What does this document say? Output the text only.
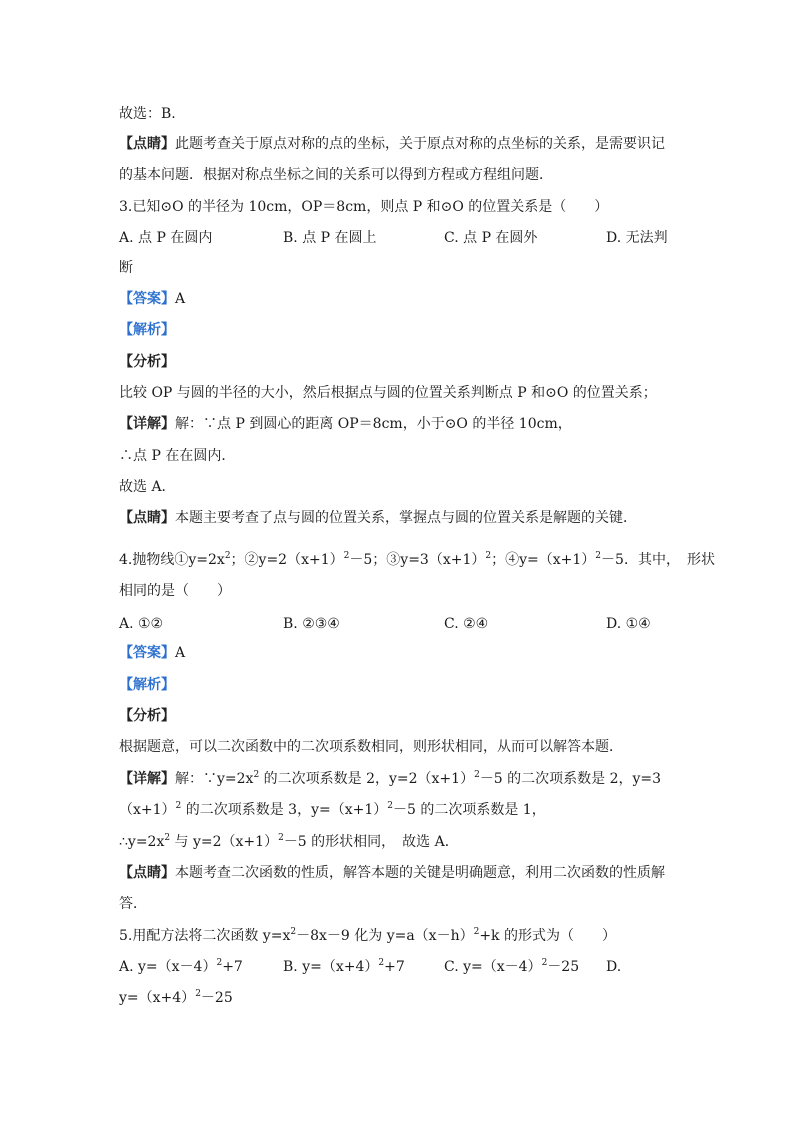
故选：B.
【点睛】此题考查关于原点对称的点的坐标，关于原点对称的点坐标的关系，是需要识记
的基本问题．根据对称点坐标之间的关系可以得到方程或方程组问题．
3.已知⊙O 的半径为 10cm，OP＝8cm，则点 P 和⊙O 的位置关系是（　　）
A. 点 P 在圆内	B. 点 P 在圆上	C. 点 P 在圆外	D. 无法判
断
【答案】A
【解析】
【分析】
比较 OP 与圆的半径的大小，然后根据点与圆的位置关系判断点 P 和⊙O 的位置关系；
【详解】解：∵点 P 到圆心的距离 OP＝8cm，小于⊙O 的半径 10cm，
∴点 P 在在圆内．
故选 A．
【点睛】本题主要考查了点与圆的位置关系，掌握点与圆的位置关系是解题的关键．
4.抛物线$①y=2x^2$；$②y=2(x+1)^2-5$；$③y=3(x+1)^2$；$④y=(x+1)^2-5$．其中，　形状
相同的是（　　）
A. ①②	B. ②③④	C. ②④	D. ①④
【答案】A
【解析】
【分析】
根据题意，可以二次函数中的二次项系数相同，则形状相同，从而可以解答本题．
【详解】解：$\because y=2x^2$ 的二次项系数是 2，$y=2(x+1)^2-5$ 的二次项系数是 2，y=3
$(x+1)^2$ 的二次项系数是 3，$y=(x+1)^2-5$ 的二次项系数是 1，
$\therefore y=2x^2$ 与 $y=2(x+1)^2-5$ 的形状相同，　故选 A．
【点睛】本题考查二次函数的性质，解答本题的关键是明确题意，利用二次函数的性质解
答．
5.用配方法将二次函数 $y=x^2-8x-9$ 化为 $y=a(x-h)^2+k$ 的形式为（　　）
A. $y=(x-4)^2+7$	B. $y=(x+4)^2+7$	C. $y=(x-4)^2-25$ D.
$y=(x+4)^2-25$
